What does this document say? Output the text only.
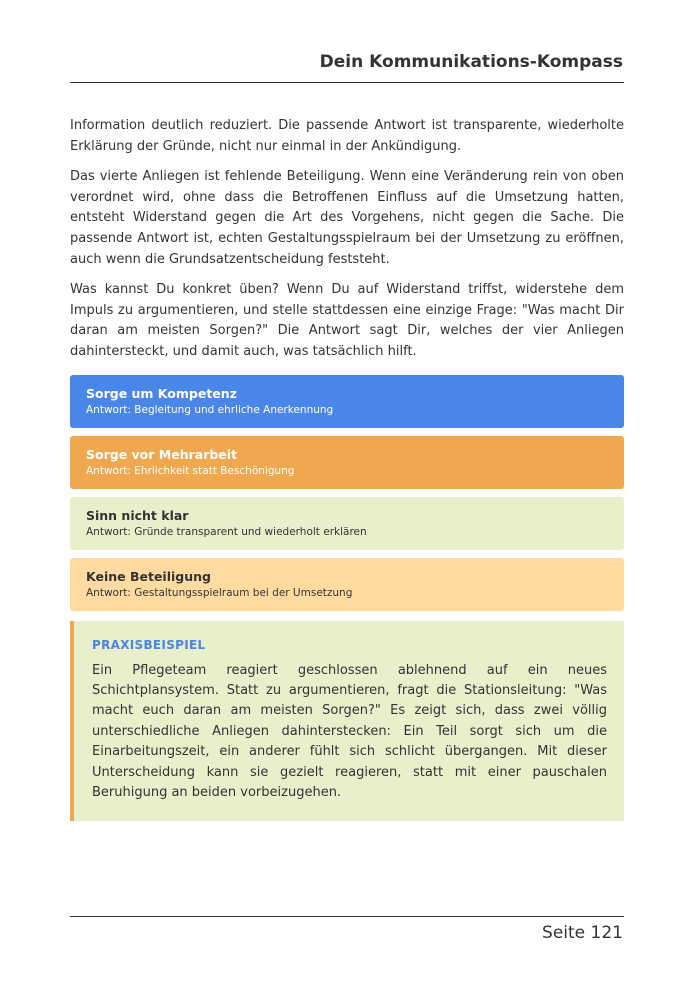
Dein Kommunikations-Kompass

Information deutlich reduziert. Die passende Antwort ist transparente, wiederholte Erklärung der Gründe, nicht nur einmal in der Ankündigung.

Das vierte Anliegen ist fehlende Beteiligung. Wenn eine Veränderung rein von oben verordnet wird, ohne dass die Betroffenen Einfluss auf die Umsetzung hatten, entsteht Widerstand gegen die Art des Vorgehens, nicht gegen die Sache. Die passende Antwort ist, echten Gestaltungsspielraum bei der Umsetzung zu eröffnen, auch wenn die Grundsatzentscheidung feststeht.

Was kannst Du konkret üben? Wenn Du auf Widerstand triffst, widerstehe dem Impuls zu argumentieren, und stelle stattdessen eine einzige Frage: "Was macht Dir daran am meisten Sorgen?" Die Antwort sagt Dir, welches der vier Anliegen dahintersteckt, und damit auch, was tatsächlich hilft.

Sorge um Kompetenz
Antwort: Begleitung und ehrliche Anerkennung
Sorge vor Mehrarbeit
Antwort: Ehrlichkeit statt Beschönigung
Sinn nicht klar
Antwort: Gründe transparent und wiederholt erklären
Keine Beteiligung
Antwort: Gestaltungsspielraum bei der Umsetzung
PRAXISBEISPIEL

Ein Pflegeteam reagiert geschlossen ablehnend auf ein neues Schichtplansystem. Statt zu argumentieren, fragt die Stationsleitung: "Was macht euch daran am meisten Sorgen?" Es zeigt sich, dass zwei völlig unterschiedliche Anliegen dahinterstecken: Ein Teil sorgt sich um die Einarbeitungszeit, ein anderer fühlt sich schlicht übergangen. Mit dieser Unterscheidung kann sie gezielt reagieren, statt mit einer pauschalen Beruhigung an beiden vorbeizugehen.

Seite 121
